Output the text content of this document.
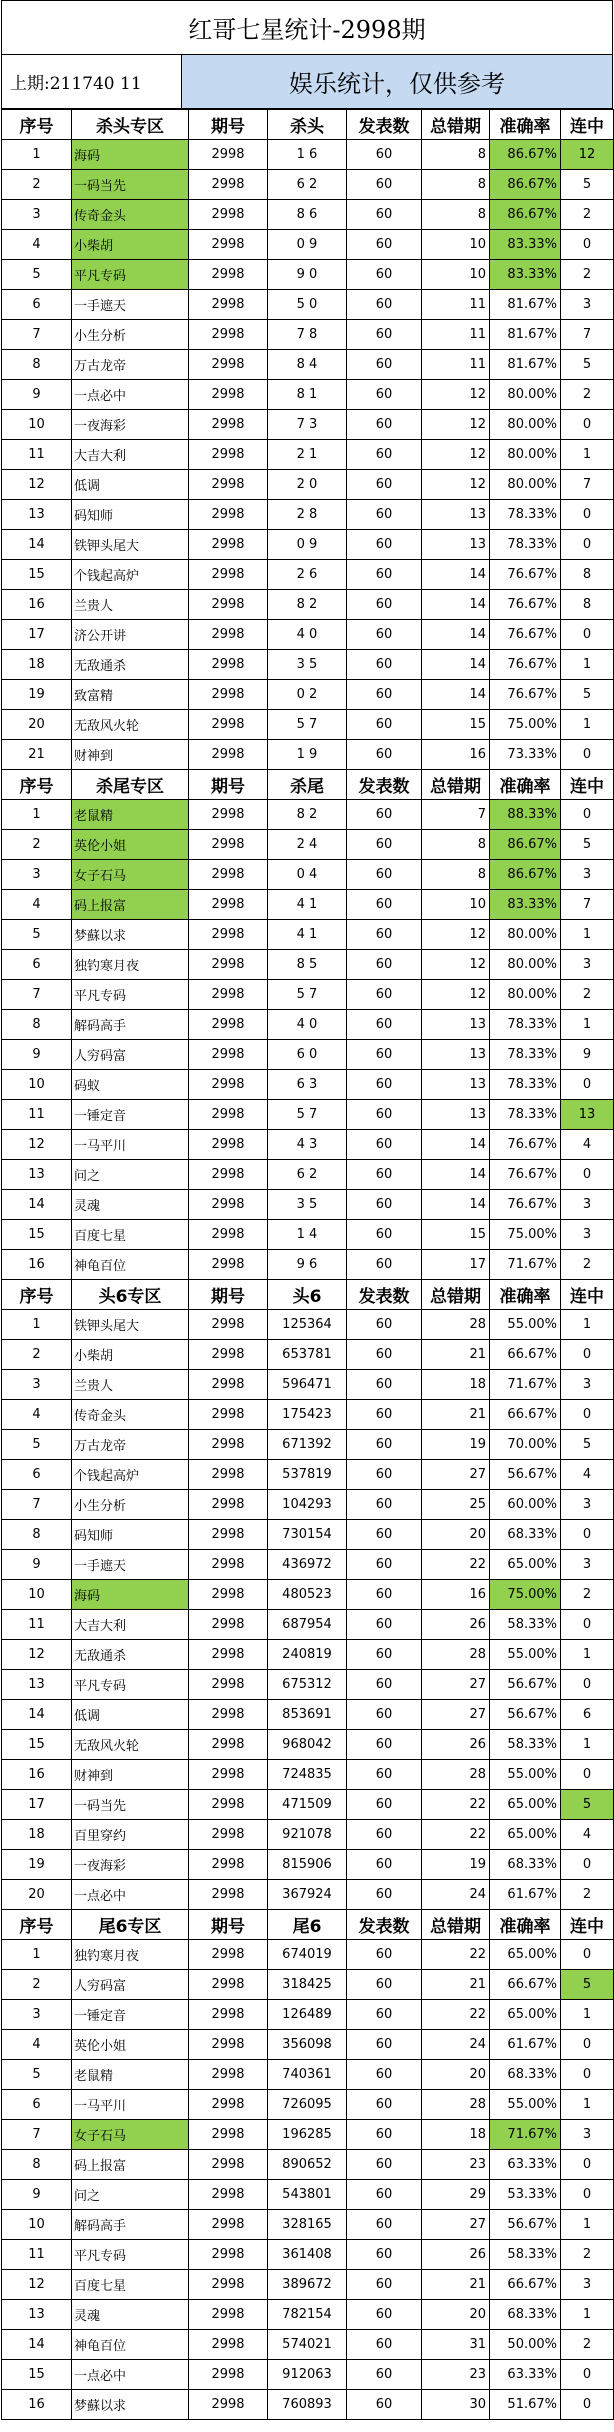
红哥七星统计-2998期
上期:211740 11	娱乐统计，仅供参考
序号	杀头专区	期号	杀头	发表数	总错期	准确率	连中
1	海码	2998	1 6	60	8	86.67%	12
2	一码当先	2998	6 2	60	8	86.67%	5
3	传奇金头	2998	8 6	60	8	86.67%	2
4	小柴胡	2998	0 9	60	10	83.33%	0
5	平凡专码	2998	9 0	60	10	83.33%	2
6	一手遮天	2998	5 0	60	11	81.67%	3
7	小生分析	2998	7 8	60	11	81.67%	7
8	万古龙帝	2998	8 4	60	11	81.67%	5
9	一点必中	2998	8 1	60	12	80.00%	2
10	一夜海彩	2998	7 3	60	12	80.00%	0
11	大吉大利	2998	2 1	60	12	80.00%	1
12	低调	2998	2 0	60	12	80.00%	7
13	码知师	2998	2 8	60	13	78.33%	0
14	铁钾头尾大	2998	0 9	60	13	78.33%	0
15	个钱起高炉	2998	2 6	60	14	76.67%	8
16	兰贵人	2998	8 2	60	14	76.67%	8
17	济公开讲	2998	4 0	60	14	76.67%	0
18	无敌通杀	2998	3 5	60	14	76.67%	1
19	致富精	2998	0 2	60	14	76.67%	5
20	无敌风火轮	2998	5 7	60	15	75.00%	1
21	财神到	2998	1 9	60	16	73.33%	0
序号	杀尾专区	期号	杀尾	发表数	总错期	准确率	连中
1	老鼠精	2998	8 2	60	7	88.33%	0
2	英伦小姐	2998	2 4	60	8	86.67%	5
3	女子石马	2998	0 4	60	8	86.67%	3
4	码上报富	2998	4 1	60	10	83.33%	7
5	梦蘇以求	2998	4 1	60	12	80.00%	1
6	独钓寒月夜	2998	8 5	60	12	80.00%	3
7	平凡专码	2998	5 7	60	12	80.00%	2
8	解码高手	2998	4 0	60	13	78.33%	1
9	人穷码富	2998	6 0	60	13	78.33%	9
10	码蚁	2998	6 3	60	13	78.33%	0
11	一锤定音	2998	5 7	60	13	78.33%	13
12	一马平川	2998	4 3	60	14	76.67%	4
13	问之	2998	6 2	60	14	76.67%	0
14	灵魂	2998	3 5	60	14	76.67%	3
15	百度七星	2998	1 4	60	15	75.00%	3
16	神龟百位	2998	9 6	60	17	71.67%	2
序号	头6专区	期号	头6	发表数	总错期	准确率	连中
1	铁钾头尾大	2998	125364	60	28	55.00%	1
2	小柴胡	2998	653781	60	21	66.67%	0
3	兰贵人	2998	596471	60	18	71.67%	3
4	传奇金头	2998	175423	60	21	66.67%	0
5	万古龙帝	2998	671392	60	19	70.00%	5
6	个钱起高炉	2998	537819	60	27	56.67%	4
7	小生分析	2998	104293	60	25	60.00%	3
8	码知师	2998	730154	60	20	68.33%	0
9	一手遮天	2998	436972	60	22	65.00%	3
10	海码	2998	480523	60	16	75.00%	2
11	大吉大利	2998	687954	60	26	58.33%	0
12	无敌通杀	2998	240819	60	28	55.00%	1
13	平凡专码	2998	675312	60	27	56.67%	0
14	低调	2998	853691	60	27	56.67%	6
15	无敌风火轮	2998	968042	60	26	58.33%	1
16	财神到	2998	724835	60	28	55.00%	0
17	一码当先	2998	471509	60	22	65.00%	5
18	百里穿约	2998	921078	60	22	65.00%	4
19	一夜海彩	2998	815906	60	19	68.33%	0
20	一点必中	2998	367924	60	24	61.67%	2
序号	尾6专区	期号	尾6	发表数	总错期	准确率	连中
1	独钓寒月夜	2998	674019	60	22	65.00%	0
2	人穷码富	2998	318425	60	21	66.67%	5
3	一锤定音	2998	126489	60	22	65.00%	1
4	英伦小姐	2998	356098	60	24	61.67%	0
5	老鼠精	2998	740361	60	20	68.33%	0
6	一马平川	2998	726095	60	28	55.00%	1
7	女子石马	2998	196285	60	18	71.67%	3
8	码上报富	2998	890652	60	23	63.33%	0
9	问之	2998	543801	60	29	53.33%	0
10	解码高手	2998	328165	60	27	56.67%	1
11	平凡专码	2998	361408	60	26	58.33%	2
12	百度七星	2998	389672	60	21	66.67%	3
13	灵魂	2998	782154	60	20	68.33%	1
14	神龟百位	2998	574021	60	31	50.00%	2
15	一点必中	2998	912063	60	23	63.33%	0
16	梦蘇以求	2998	760893	60	30	51.67%	0
